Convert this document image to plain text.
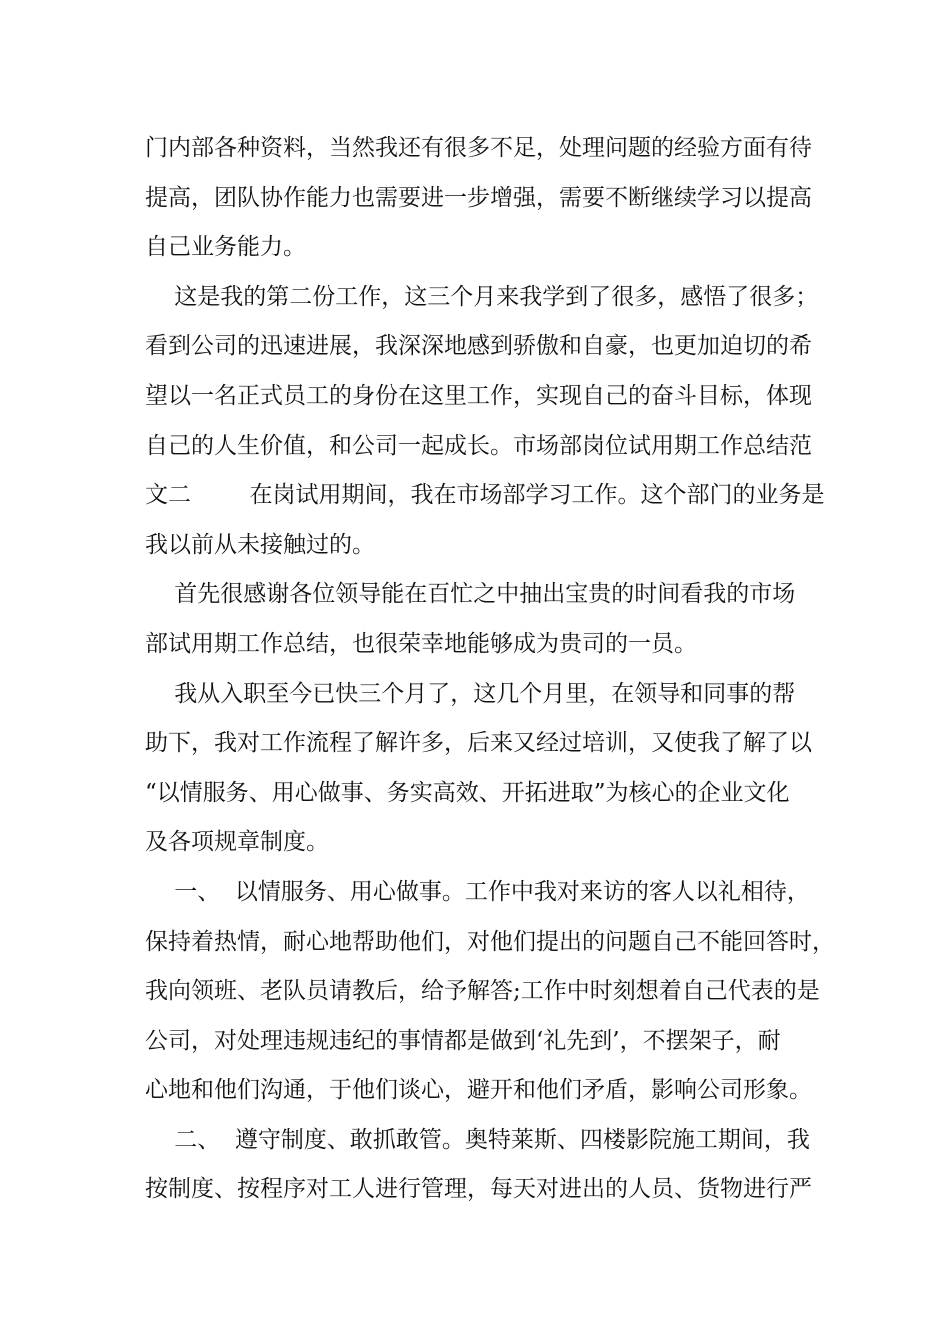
门内部各种资料，当然我还有很多不足，处理问题的经验方面有待
提高，团队协作能力也需要进一步增强，需要不断继续学习以提高
自己业务能力。
这是我的第二份工作，这三个月来我学到了很多，感悟了很多；
看到公司的迅速进展，我深深地感到骄傲和自豪，也更加迫切的希
望以一名正式员工的身份在这里工作，实现自己的奋斗目标，体现
自己的人生价值，和公司一起成长。市场部岗位试用期工作总结范
文二        在岗试用期间，我在市场部学习工作。这个部门的业务是
我以前从未接触过的。
首先很感谢各位领导能在百忙之中抽出宝贵的时间看我的市场
部试用期工作总结，也很荣幸地能够成为贵司的一员。
我从入职至今已快三个月了，这几个月里，在领导和同事的帮
助下，我对工作流程了解许多，后来又经过培训，又使我了解了以
“以情服务、用心做事、务实高效、开拓进取”为核心的企业文化
及各项规章制度。
一、  以情服务、用心做事。工作中我对来访的客人以礼相待，
保持着热情，耐心地帮助他们，对他们提出的问题自己不能回答时，
我向领班、老队员请教后，给予解答;工作中时刻想着自己代表的是
公司，对处理违规违纪的事情都是做到‘礼先到’，不摆架子，耐
心地和他们沟通，于他们谈心，避开和他们矛盾，影响公司形象。
二、  遵守制度、敢抓敢管。奥特莱斯、四楼影院施工期间，我
按制度、按程序对工人进行管理，每天对进出的人员、货物进行严
